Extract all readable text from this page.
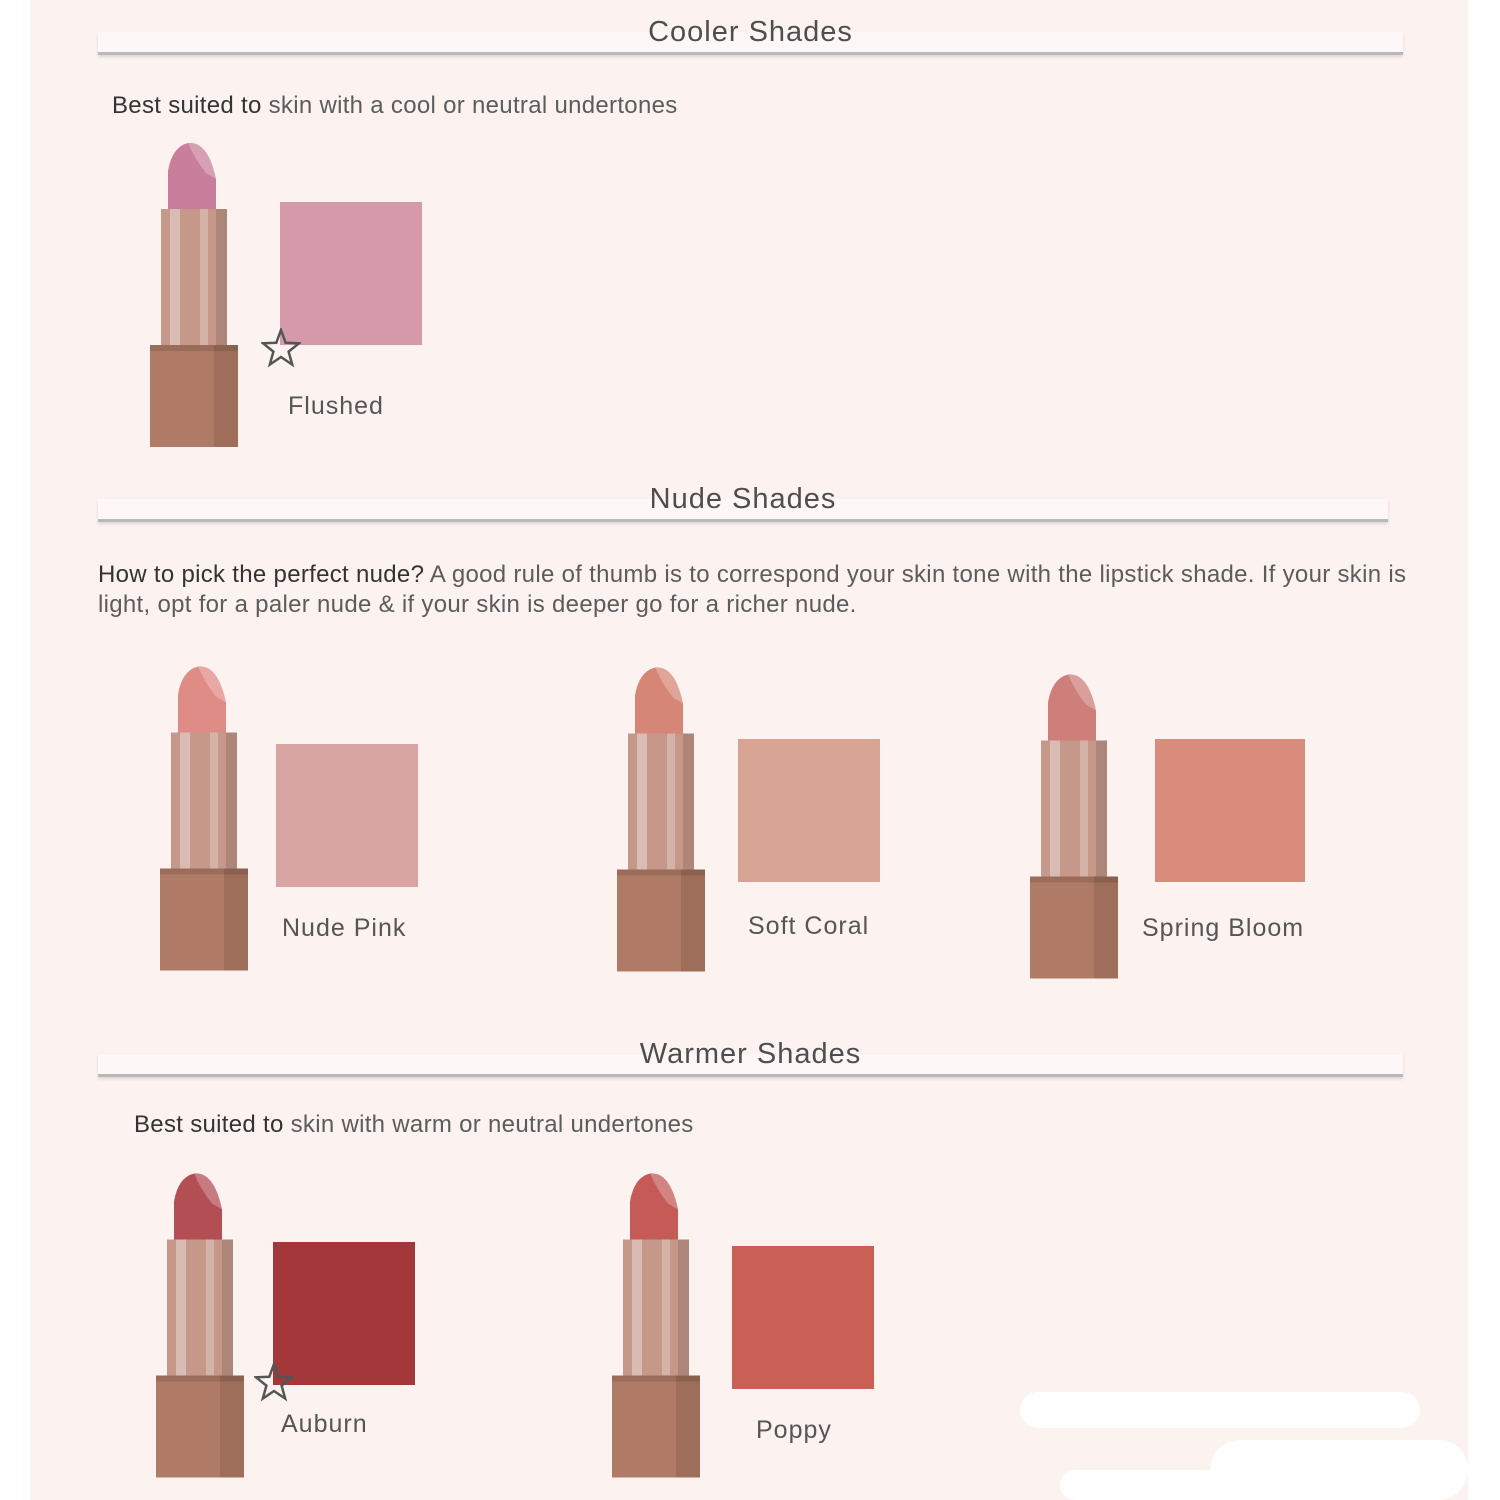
Cooler Shades
Best suited to skin with a cool or neutral undertones
Flushed
Nude Shades
How to pick the perfect nude? A good rule of thumb is to correspond your skin tone with the lipstick shade. If your skin is light, opt for a paler nude & if your skin is deeper go for a richer nude.
Nude Pink	Soft Coral	Spring Bloom
Warmer Shades
Best suited to skin with warm or neutral undertones
Auburn	Poppy
